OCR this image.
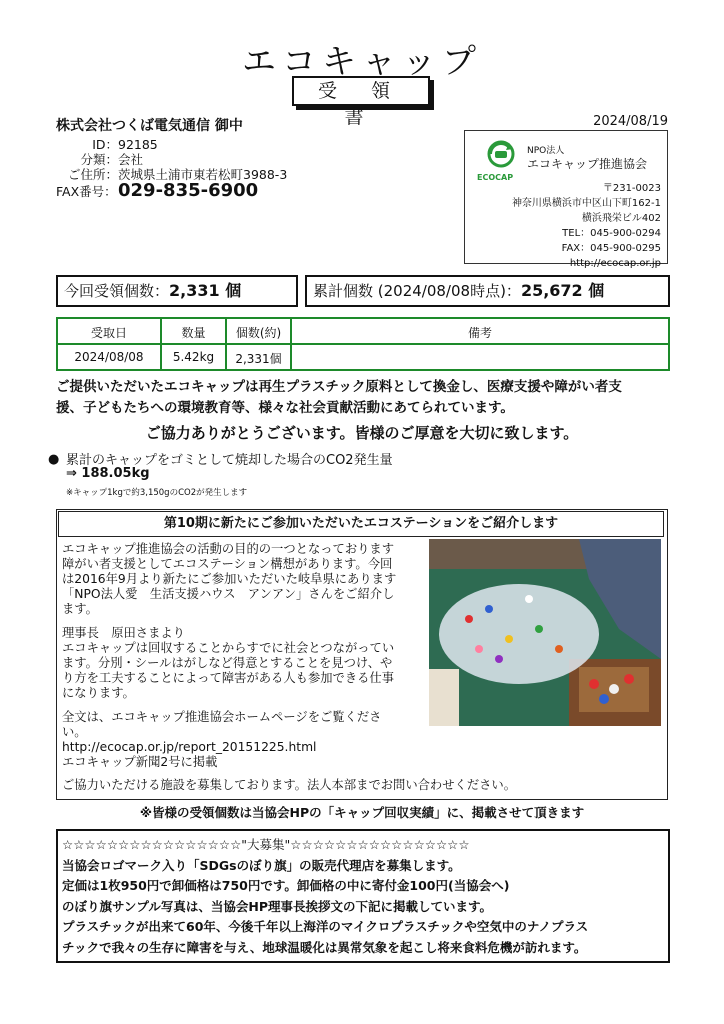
エコキャップ
受 領 書	2024/08/19
株式会社つくば電気通信 御中
ID：92185
分類：会社
ご住所：茨城県土浦市東若松町3988-3
FAX番号：029-835-6900
ECOCAP
NPO法人
エコキャップ推進協会
〒231-0023
神奈川県横浜市中区山下町162-1
横浜飛栄ビル402
TEL：045-900-0294
FAX：045-900-0295
http://ecocap.or.jp
今回受領個数：2,331 個	累計個数 (2024/08/08時点)：25,672 個
受取日	数量	個数(約)	備考
2024/08/08	5.42kg	2,331個
ご提供いただいたエコキャップは再生プラスチック原料として換金し、医療支援や障がい者支
援、子どもたちへの環境教育等、様々な社会貢献活動にあてられています。
ご協力ありがとうございます。皆様のご厚意を大切に致します。
● 累計のキャップをゴミとして焼却した場合のCO2発生量
⇒ 188.05kg
※キャップ1kgで約3,150gのCO2が発生します
第10期に新たにご参加いただいたエコステーションをご紹介します
エコキャップ推進協会の活動の目的の一つとなっております
障がい者支援としてエコステーション構想があります。今回
は2016年9月より新たにご参加いただいた岐阜県にあります
「NPO法人愛　生活支援ハウス　アンアン」さんをご紹介し
ます。
理事長　原田さまより
エコキャップは回収することからすでに社会とつながってい
ます。分別・シールはがしなど得意とすることを見つけ、や
り方を工夫することによって障害がある人も参加できる仕事
になります。
全文は、エコキャップ推進協会ホームページをご覧くださ
い。
http://ecocap.or.jp/report_20151225.html
エコキャップ新聞2号に掲載
ご協力いただける施設を募集しております。法人本部までお問い合わせください。
※皆様の受領個数は当協会HPの「キャップ回収実績」に、掲載させて頂きます
☆☆☆☆☆☆☆☆☆☆☆☆☆☆☆☆"大募集"☆☆☆☆☆☆☆☆☆☆☆☆☆☆☆☆
当協会ロゴマーク入り「SDGsのぼり旗」の販売代理店を募集します。
定価は1枚950円で卸価格は750円です。卸価格の中に寄付金100円(当協会へ)
のぼり旗サンプル写真は、当協会HP理事長挨拶文の下記に掲載しています。
プラスチックが出来て60年、今後千年以上海洋のマイクロプラスチックや空気中のナノプラス
チックで我々の生存に障害を与え、地球温暖化は異常気象を起こし将来食料危機が訪れます。
